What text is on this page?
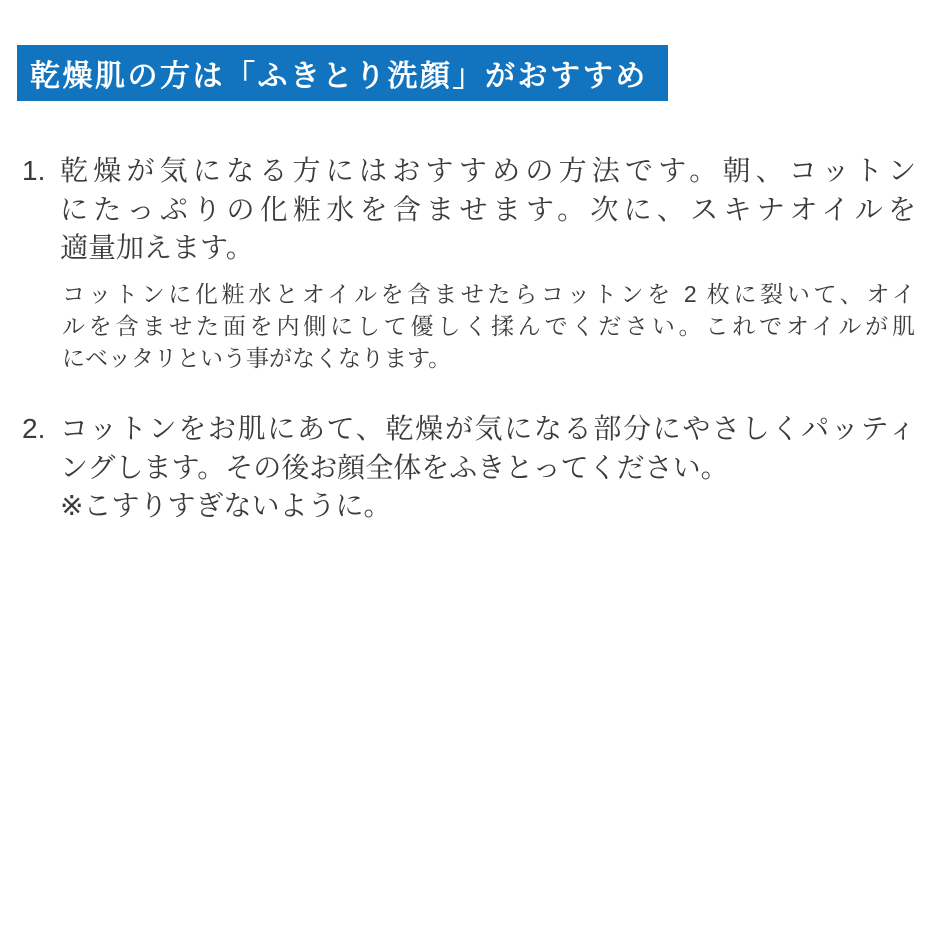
乾燥肌の方は「ふきとり洗顔」がおすすめ
1. 乾燥が気になる方にはおすすめの方法です。朝、コットン
にたっぷりの化粧水を含ませます。次に、スキナオイルを
適量加えます。
コットンに化粧水とオイルを含ませたらコットンを 2 枚に裂いて、オイ
ルを含ませた面を内側にして優しく揉んでください。これでオイルが肌
にベッタリという事がなくなります。
2. コットンをお肌にあて、乾燥が気になる部分にやさしくパッティ
ングします。その後お顔全体をふきとってください。
※こすりすぎないように。
